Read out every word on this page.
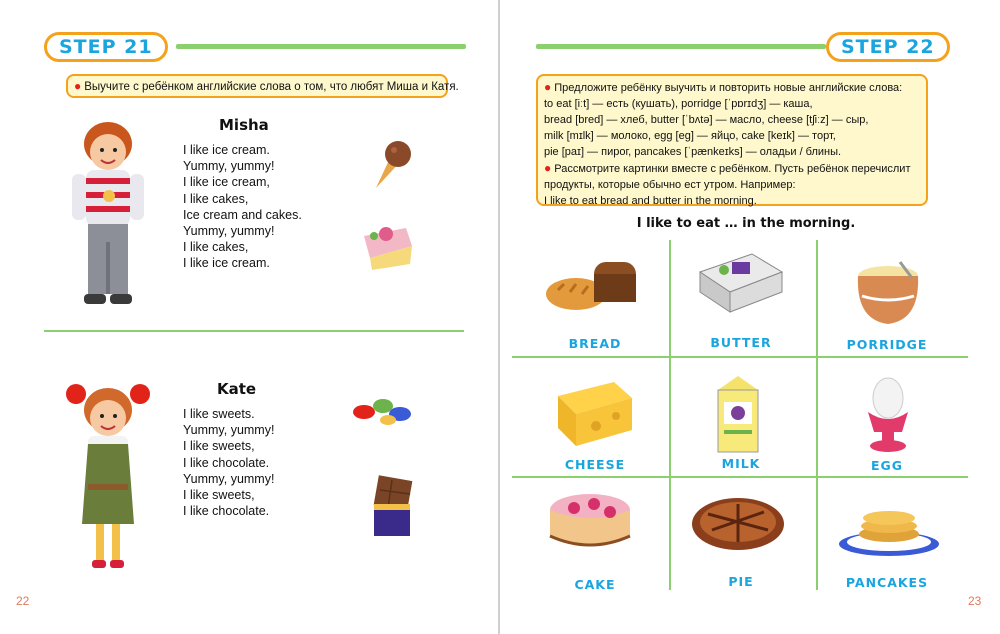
STEP 21
● Выучите с ребёнком английские слова о том, что любят Миша и Катя.
Misha
I like ice cream.
Yummy, yummy!
I like ice cream,
I like cakes,
Ice cream and cakes.
Yummy, yummy!
I like cakes,
I like ice cream.
Kate
I like sweets.
Yummy, yummy!
I like sweets,
I like chocolate.
Yummy, yummy!
I like sweets,
I like chocolate.
22
STEP 22
● Предложите ребёнку выучить и повторить новые английские слова:
to eat [iːt] — есть (кушать), porridge [ˈpɒrɪdʒ] — каша,
bread [bred] — хлеб, butter [ˈbʌtə] — масло, cheese [tʃiːz] — сыр,
milk [mɪlk] — молоко, egg [eg] — яйцо, cake [keɪk] — торт,
pie [paɪ] — пирог, pancakes [ˈpænkeɪks] — оладьи / блины.
● Рассмотрите картинки вместе с ребёнком. Пусть ребёнок перечислит
продукты, которые обычно ест утром. Например:
I like to eat bread and butter in the morning.
I like to eat … in the morning.
BREAD	BUTTER	PORRIDGE
CHEESE	MILK	EGG
CAKE	PIE	PANCAKES
23
